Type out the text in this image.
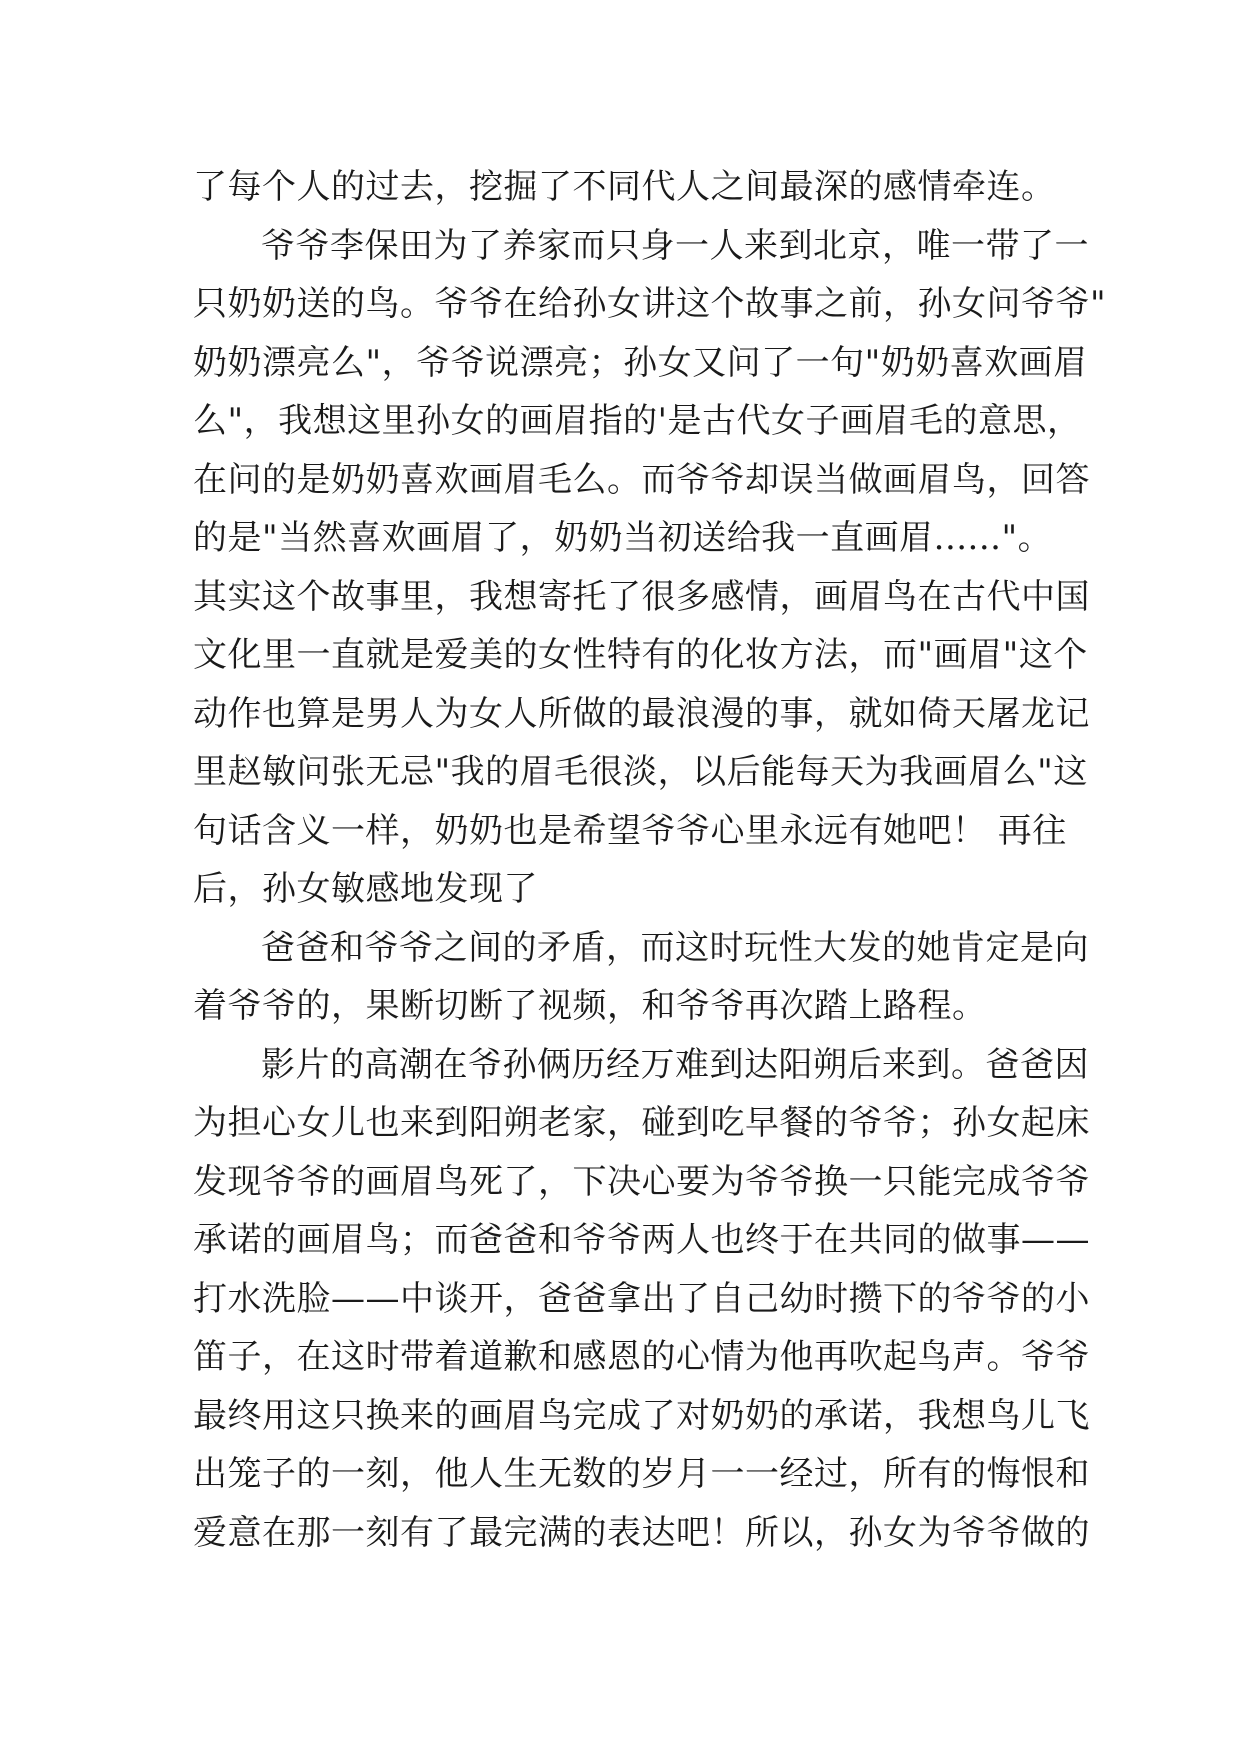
了每个人的过去，挖掘了不同代人之间最深的感情牵连。
爷爷李保田为了养家而只身一人来到北京，唯一带了一
只奶奶送的鸟。爷爷在给孙女讲这个故事之前，孙女问爷爷"
奶奶漂亮么"，爷爷说漂亮；孙女又问了一句"奶奶喜欢画眉
么"，我想这里孙女的画眉指的'是古代女子画眉毛的意思，
在问的是奶奶喜欢画眉毛么。而爷爷却误当做画眉鸟，回答
的是"当然喜欢画眉了，奶奶当初送给我一直画眉......"。
其实这个故事里，我想寄托了很多感情，画眉鸟在古代中国
文化里一直就是爱美的女性特有的化妆方法，而"画眉"这个
动作也算是男人为女人所做的最浪漫的事，就如倚天屠龙记
里赵敏问张无忌"我的眉毛很淡，以后能每天为我画眉么"这
句话含义一样，奶奶也是希望爷爷心里永远有她吧！ 再往
后，孙女敏感地发现了
爸爸和爷爷之间的矛盾，而这时玩性大发的她肯定是向
着爷爷的，果断切断了视频，和爷爷再次踏上路程。
影片的高潮在爷孙俩历经万难到达阳朔后来到。爸爸因
为担心女儿也来到阳朔老家，碰到吃早餐的爷爷；孙女起床
发现爷爷的画眉鸟死了，下决心要为爷爷换一只能完成爷爷
承诺的画眉鸟；而爸爸和爷爷两人也终于在共同的做事——
打水洗脸——中谈开，爸爸拿出了自己幼时攒下的爷爷的小
笛子，在这时带着道歉和感恩的心情为他再吹起鸟声。爷爷
最终用这只换来的画眉鸟完成了对奶奶的承诺，我想鸟儿飞
出笼子的一刻，他人生无数的岁月一一经过，所有的悔恨和
爱意在那一刻有了最完满的表达吧！所以，孙女为爷爷做的
